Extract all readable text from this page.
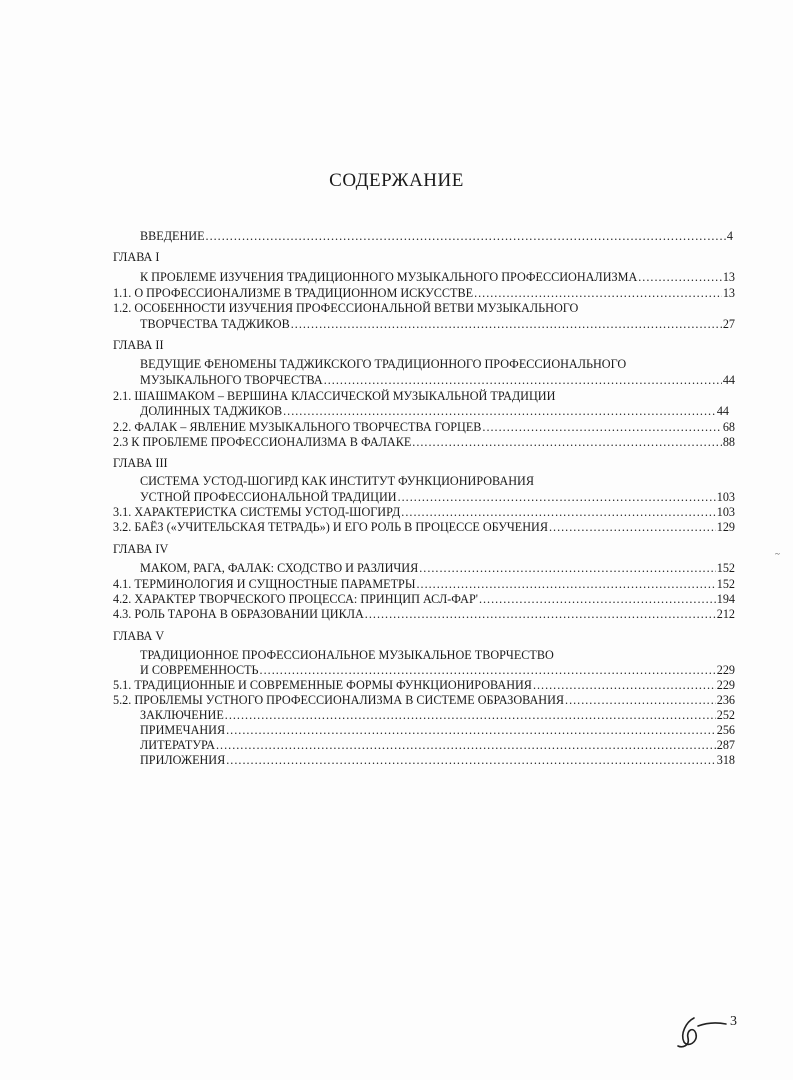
СОДЕРЖАНИЕ
ВВЕДЕНИЕ .....	4
ГЛАВА I
К ПРОБЛЕМЕ ИЗУЧЕНИЯ ТРАДИЦИОННОГО МУЗЫКАЛЬНОГО ПРОФЕССИОНАЛИЗМА .....	13
1.1. О ПРОФЕССИОНАЛИЗМЕ В ТРАДИЦИОННОМ ИСКУССТВЕ .....	13
1.2. ОСОБЕННОСТИ ИЗУЧЕНИЯ ПРОФЕССИОНАЛЬНОЙ ВЕТВИ МУЗЫКАЛЬНОГО
ТВОРЧЕСТВА ТАДЖИКОВ .....	27
ГЛАВА II
ВЕДУЩИЕ ФЕНОМЕНЫ ТАДЖИКСКОГО ТРАДИЦИОННОГО ПРОФЕССИОНАЛЬНОГО
МУЗЫКАЛЬНОГО ТВОРЧЕСТВА .....	44
2.1. ШАШМАКОМ – ВЕРШИНА КЛАССИЧЕСКОЙ МУЗЫКАЛЬНОЙ ТРАДИЦИИ
ДОЛИННЫХ ТАДЖИКОВ .....	44
2.2. ФАЛАК – ЯВЛЕНИЕ МУЗЫКАЛЬНОГО ТВОРЧЕСТВА ГОРЦЕВ .....	68
2.3 К ПРОБЛЕМЕ ПРОФЕССИОНАЛИЗМА В ФАЛАКЕ .....	88
ГЛАВА III
СИСТЕМА УСТОД-ШОГИРД КАК ИНСТИТУТ ФУНКЦИОНИРОВАНИЯ
УСТНОЙ ПРОФЕССИОНАЛЬНОЙ ТРАДИЦИИ .....	103
3.1. ХАРАКТЕРИСТКА СИСТЕМЫ УСТОД-ШОГИРД .....	103
3.2. БАЁЗ («УЧИТЕЛЬСКАЯ ТЕТРАДЬ») И ЕГО РОЛЬ В ПРОЦЕССЕ ОБУЧЕНИЯ .....	129
ГЛАВА IV
МАКОМ, РАГА, ФАЛАК: СХОДСТВО И РАЗЛИЧИЯ .....	152
4.1. ТЕРМИНОЛОГИЯ И СУЩНОСТНЫЕ ПАРАМЕТРЫ .....	152
4.2. ХАРАКТЕР ТВОРЧЕСКОГО ПРОЦЕССА: ПРИНЦИП АСЛ-ФАР' .....	194
4.3. РОЛЬ ТАРОНА В ОБРАЗОВАНИИ ЦИКЛА .....	212
ГЛАВА V
ТРАДИЦИОННОЕ ПРОФЕССИОНАЛЬНОЕ МУЗЫКАЛЬНОЕ ТВОРЧЕСТВО
И СОВРЕМЕННОСТЬ .....	229
5.1. ТРАДИЦИОННЫЕ И СОВРЕМЕННЫЕ ФОРМЫ ФУНКЦИОНИРОВАНИЯ .....	229
5.2. ПРОБЛЕМЫ УСТНОГО ПРОФЕССИОНАЛИЗМА В СИСТЕМЕ ОБРАЗОВАНИЯ .....	236
ЗАКЛЮЧЕНИЕ .....	252
ПРИМЕЧАНИЯ .....	256
ЛИТЕРАТУРА .....	287
ПРИЛОЖЕНИЯ .....	318
~
3
